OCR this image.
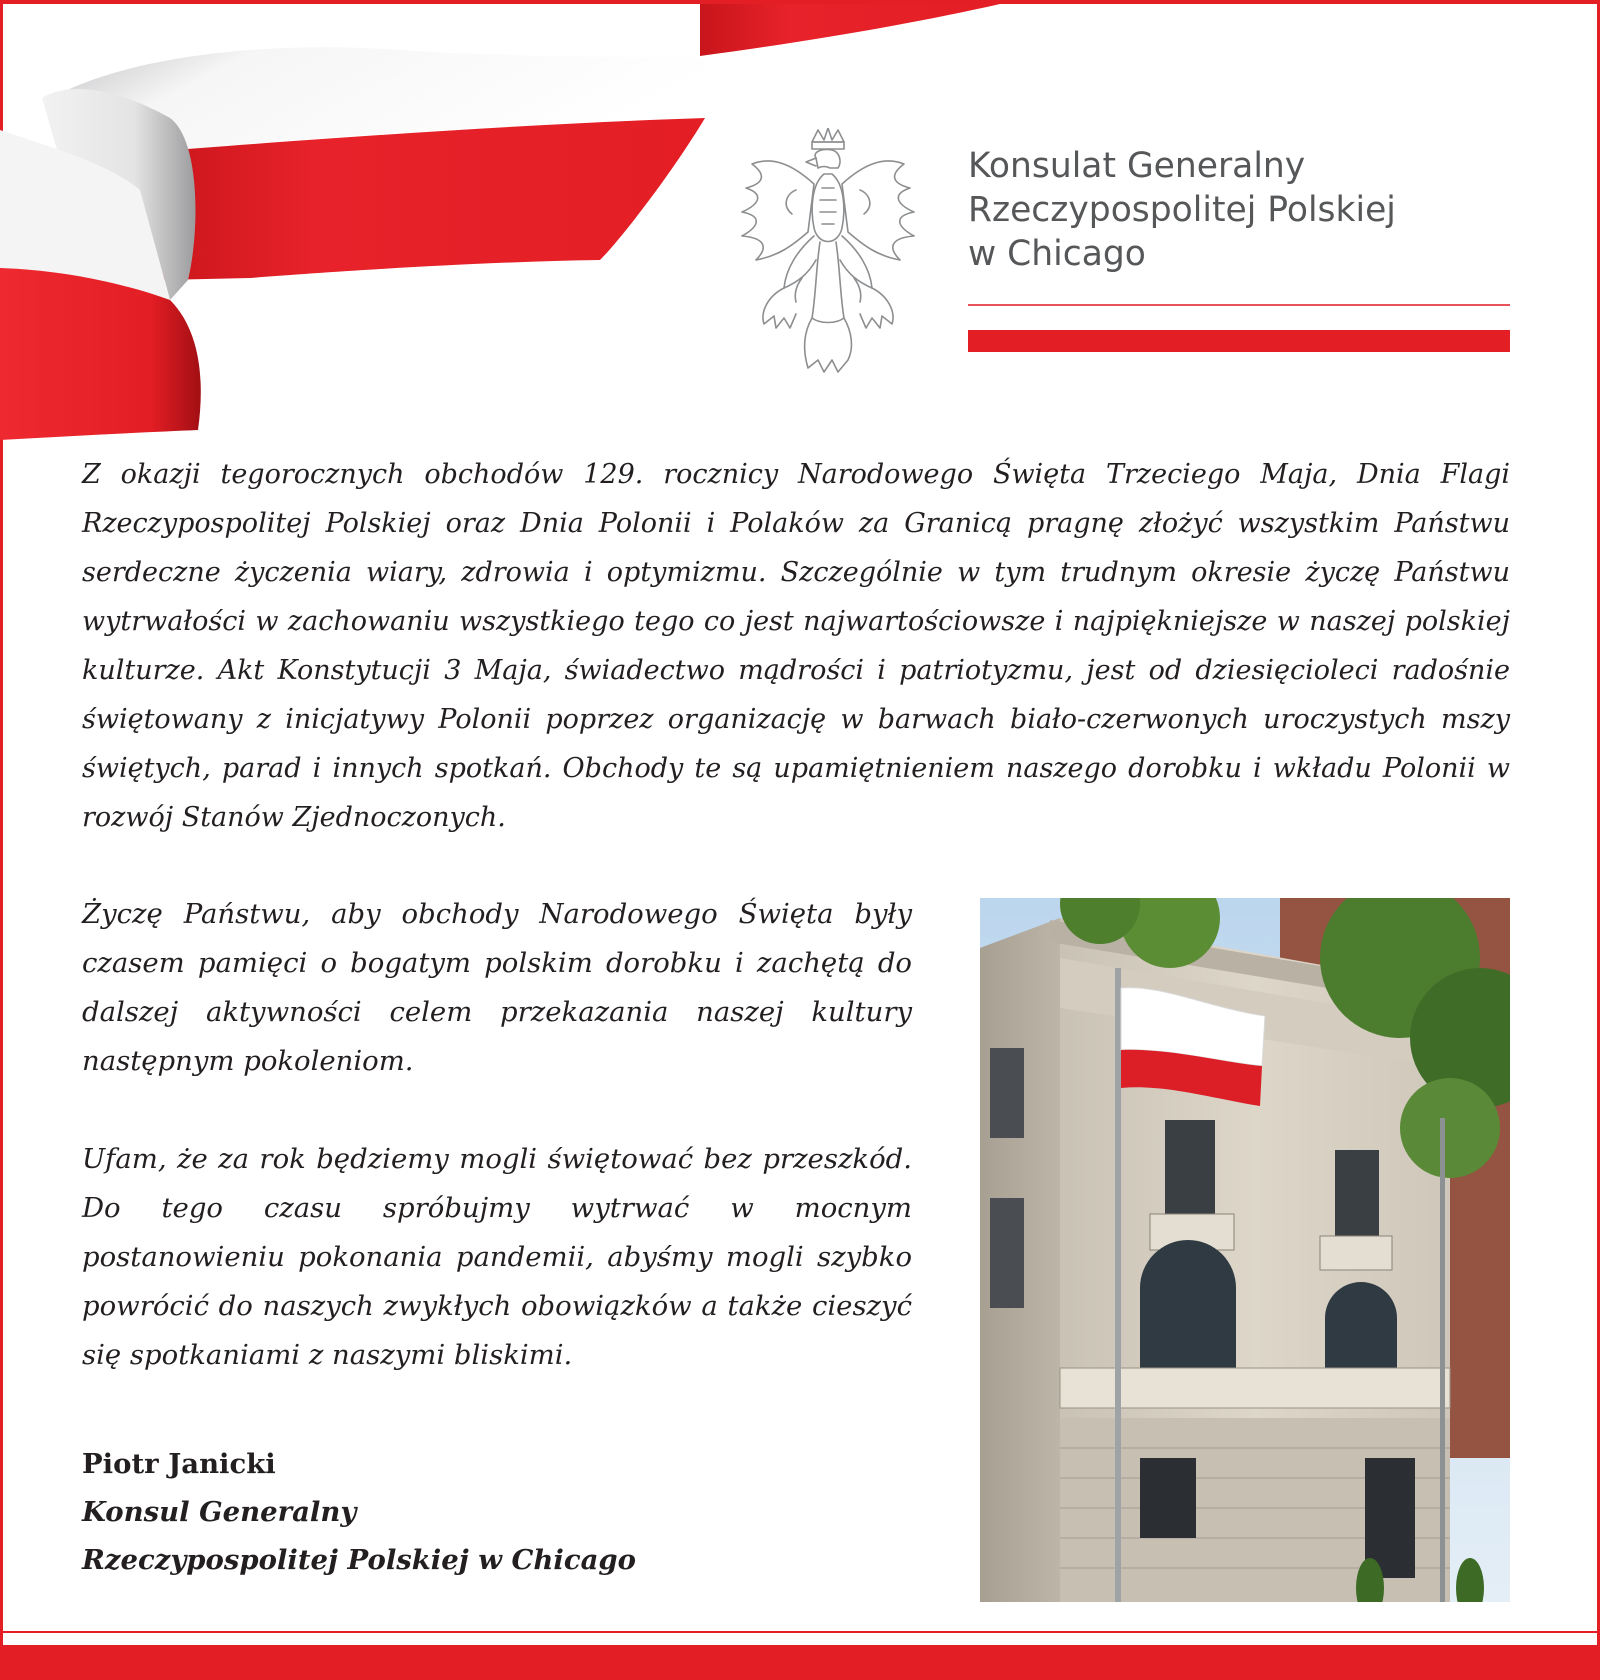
Konsulat Generalny
Rzeczypospolitej Polskiej
w Chicago

Z okazji tegorocznych obchodów 129. rocznicy Narodowego Święta Trzeciego Maja, Dnia Flagi Rzeczypospolitej Polskiej oraz Dnia Polonii i Polaków za Granicą pragnę złożyć wszystkim Państwu serdeczne życzenia wiary, zdrowia i optymizmu. Szczególnie w tym trudnym okresie życzę Państwu wytrwałości w zachowaniu wszystkiego tego co jest najwartościowsze i najpiękniejsze w naszej polskiej kulturze. Akt Konstytucji 3 Maja, świadectwo mądrości i patriotyzmu, jest od dziesięcioleci radośnie świętowany z inicjatywy Polonii poprzez organizację w barwach biało-czerwonych uroczystych mszy świętych, parad i innych spotkań. Obchody te są upamiętnieniem naszego dorobku i wkładu Polonii w rozwój Stanów Zjednoczonych.

Życzę Państwu, aby obchody Narodowego Święta były czasem pamięci o bogatym polskim dorobku i zachętą do dalszej aktywności celem przekazania naszej kultury następnym pokoleniom.

Ufam, że za rok będziemy mogli świętować bez przeszkód. Do tego czasu spróbujmy wytrwać w mocnym postanowieniu pokonania pandemii, abyśmy mogli szybko powrócić do naszych zwykłych obowiązków a także cieszyć się spotkaniami z naszymi bliskimi.

Piotr Janicki
Konsul Generalny
Rzeczypospolitej Polskiej w Chicago
